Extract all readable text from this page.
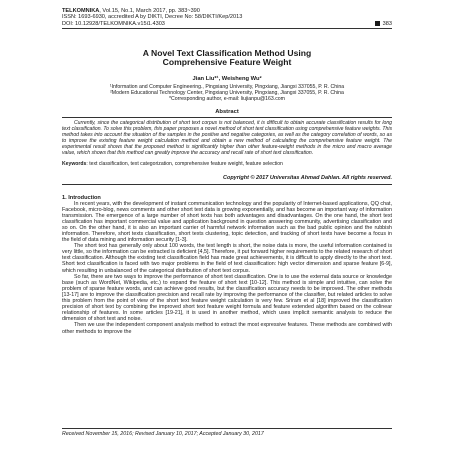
TELKOMNIKA, Vol.15, No.1, March 2017, pp. 383~390
ISSN: 1693-6930, accredited A by DIKTI, Decree No: 58/DIKTI/Kep/2013
DOI: 10.12928/TELKOMNIKA.v15i1.4303	383
A Novel Text Classification Method Using
Comprehensive Feature Weight
Jian Liu*¹, Weisheng Wu²
¹Information and Computer Engineering., Pingxiang University, Pingxiang, Jiangxi 337055, P. R. China
²Modern Educational Technology Center, Pingxiang University, Pingxiang, Jiangxi 337055, P. R. China
*Corresponding author, e-mail: liujianpu@163.com
Abstract

Currently, since the categorical distribution of short text corpus is not balanced, it is difficult to obtain accurate classification results for long text classification. To solve this problem, this paper proposes a novel method of short text classification using comprehensive feature weights. This method takes into account the situation of the samples in the positive and negative categories, as well as the category correlation of words, so as to improve the existing feature weight calculation method and obtain a new method of calculating the comprehensive feature weight. The experimental result shows that the proposed method is significantly higher than other feature-weight methods in the micro and macro average value, which shows that this method can greatly improve the accuracy and recall rate of short text classification.

Keywords: text classification, text categorization, comprehensive feature weight, feature selection
Copyright © 2017 Universitas Ahmad Dahlan. All rights reserved.
1. Introduction

In recent years, with the development of instant communication technology and the popularity of Internet-based applications, QQ chat, Facebook, micro-blog, news comments and other short text data is growing exponentially, and has become an important way of information transmission. The emergence of a large number of short texts has both advantages and disadvantages. On the one hand, the short text classification has important commercial value and application background in question answering community, advertising classification and so on. On the other hand, it is also an important carrier of harmful network information such as the bad public opinion and the rubbish information. Therefore, short texts classification, short texts clustering, topic detection, and tracking of short texts have become a focus in the field of data mining and information security [1-3].

The short text has generally only about 100 words, the text length is short, the noise data is more, the useful information contained is very little, so the information can be extracted is deficient [4,5]. Therefore, it put forward higher requirements to the related research of short text classification. Although the existing text classification field has made great achievements, it is difficult to apply directly to the short text. Short text classification is faced with two major problems in the field of text classification: high vector dimension and sparse feature [6-9], which resulting in unbalanced of the categorical distribution of short text corpus.

So far, there are two ways to improve the performance of short text classification. One is to use the external data source or knowledge base (such as WordNet, Wikipedia, etc.) to expand the feature of short text [10-12]. This method is simple and intuitive, can solve the problem of sparse feature words, and can achieve good results, but the classification accuracy needs to be improved. The other methods [13-17] are to improve the classification precision and recall rate by improving the performance of the classifier, but related articles to solve this problem from the point of view of the short text feature weight calculation is very few. Sriram et al [18] improved the classification precision of short text by combining the improved short text feature weight formula and feature extended algorithm based on the colinear relationship of features. In some articles [19-21], it is used in another method, which uses implicit semantic analysis to reduce the dimension of short text and noise.

Then we use the independent component analysis method to extract the most expressive features. These methods are combined with other methods to improve the

Received November 15, 2016; Revised January 10, 2017; Accepted January 30, 2017
